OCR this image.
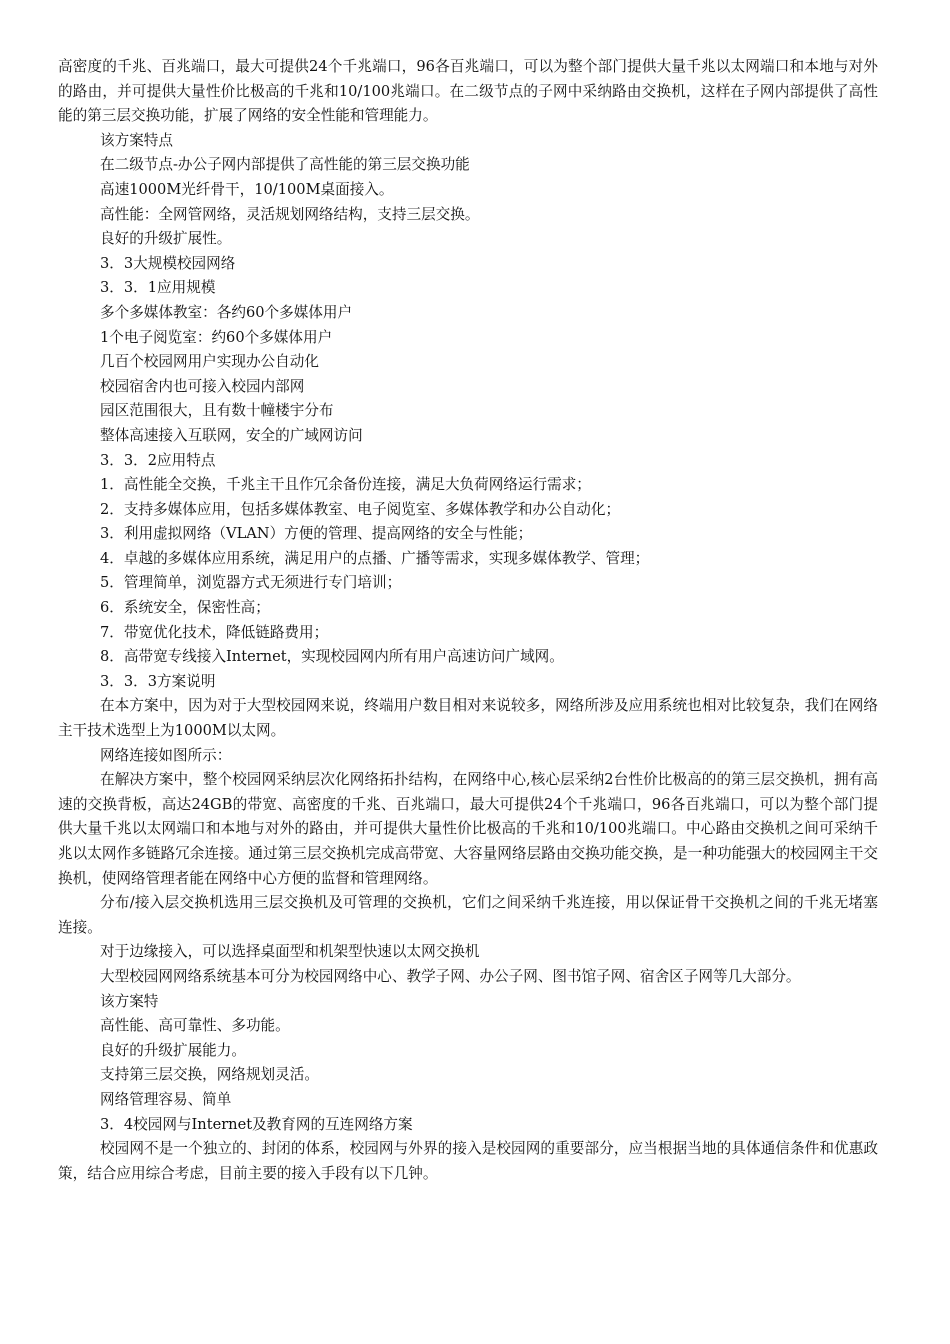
高密度的千兆、百兆端口，最大可提供24个千兆端口，96各百兆端口，可以为整个部门提供大量千兆以太网端口和本地与对外的路由，并可提供大量性价比极高的千兆和10/100兆端口。在二级节点的子网中采纳路由交换机，这样在子网内部提供了高性能的第三层交换功能，扩展了网络的安全性能和管理能力。

该方案特点

在二级节点-办公子网内部提供了高性能的第三层交换功能

高速1000M光纤骨干，10/100M桌面接入。

高性能：全网管网络，灵活规划网络结构，支持三层交换。

良好的升级扩展性。

3．3大规模校园网络

3．3．1应用规模

多个多媒体教室：各约60个多媒体用户

1个电子阅览室：约60个多媒体用户

几百个校园网用户实现办公自动化

校园宿舍内也可接入校园内部网

园区范围很大，且有数十幢楼宇分布

整体高速接入互联网，安全的广域网访问

3．3．2应用特点

1．高性能全交换，千兆主干且作冗余备份连接，满足大负荷网络运行需求；

2．支持多媒体应用，包括多媒体教室、电子阅览室、多媒体教学和办公自动化；

3．利用虚拟网络（VLAN）方便的管理、提高网络的安全与性能；

4．卓越的多媒体应用系统，满足用户的点播、广播等需求，实现多媒体教学、管理；

5．管理简单，浏览器方式无须进行专门培训；

6．系统安全，保密性高；

7．带宽优化技术，降低链路费用；

8．高带宽专线接入Internet，实现校园网内所有用户高速访问广域网。

3．3．3方案说明

在本方案中，因为对于大型校园网来说，终端用户数目相对来说较多，网络所涉及应用系统也相对比较复杂，我们在网络主干技术选型上为1000M以太网。

网络连接如图所示：

在解决方案中，整个校园网采纳层次化网络拓扑结构，在网络中心,核心层采纳2台性价比极高的的第三层交换机，拥有高速的交换背板，高达24GB的带宽、高密度的千兆、百兆端口，最大可提供24个千兆端口，96各百兆端口，可以为整个部门提供大量千兆以太网端口和本地与对外的路由，并可提供大量性价比极高的千兆和10/100兆端口。中心路由交换机之间可采纳千兆以太网作多链路冗余连接。通过第三层交换机完成高带宽、大容量网络层路由交换功能交换，是一种功能强大的校园网主干交换机，使网络管理者能在网络中心方便的监督和管理网络。

分布/接入层交换机选用三层交换机及可管理的交换机，它们之间采纳千兆连接，用以保证骨干交换机之间的千兆无堵塞连接。

对于边缘接入，可以选择桌面型和机架型快速以太网交换机

大型校园网网络系统基本可分为校园网络中心、教学子网、办公子网、图书馆子网、宿舍区子网等几大部分。

该方案特

高性能、高可靠性、多功能。

良好的升级扩展能力。

支持第三层交换，网络规划灵活。

网络管理容易、简单

3．4校园网与Internet及教育网的互连网络方案

校园网不是一个独立的、封闭的体系，校园网与外界的接入是校园网的重要部分，应当根据当地的具体通信条件和优惠政策，结合应用综合考虑，目前主要的接入手段有以下几钟。
